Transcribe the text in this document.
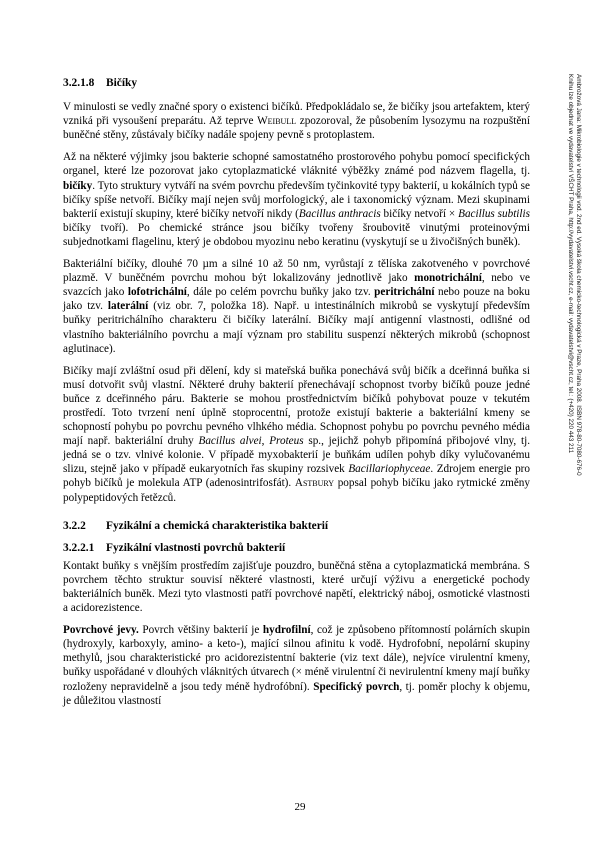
3.2.1.8 Bičíky

V minulosti se vedly značné spory o existenci bičíků. Předpokládalo se, že bičíky jsou artefaktem, který vzniká při vysoušení preparátu. Až teprve Weibull zpozoroval, že působením lysozymu na rozpuštění buněčné stěny, zůstávaly bičíky nadále spojeny pevně s protoplastem.

Až na některé výjimky jsou bakterie schopné samostatného prostorového pohybu pomocí specifických organel, které lze pozorovat jako cytoplazmatické vláknité výběžky známé pod názvem flagella, tj. bičíky. Tyto struktury vytváří na svém povrchu především tyčinkovité typy bakterií, u kokálních typů se bičíky spíše netvoří. Bičíky mají nejen svůj morfologický, ale i taxonomický význam. Mezi skupinami bakterií existují skupiny, které bičíky netvoří nikdy (Bacillus anthracis bičíky netvoří × Bacillus subtilis bičíky tvoří). Po chemické stránce jsou bičíky tvořeny šroubovitě vinutými proteinovými subjednotkami flagelinu, který je obdobou myozinu nebo keratinu (vyskytují se u živočišných buněk).

Bakteriální bičíky, dlouhé 70 µm a silné 10 až 50 nm, vyrůstají z tělíska zakotveného v povrchové plazmě. V buněčném povrchu mohou být lokalizovány jednotlivě jako monotrichální, nebo ve svazcích jako lofotrichální, dále po celém povrchu buňky jako tzv. peritrichální nebo pouze na boku jako tzv. laterální (viz obr. 7, položka 18). Např. u intestinálních mikrobů se vyskytují především buňky peritrichálního charakteru či bičíky laterální. Bičíky mají antigenní vlastnosti, odlišné od vlastního bakteriálního povrchu a mají význam pro stabilitu suspenzí některých mikrobů (schopnost aglutinace).

Bičíky mají zvláštní osud při dělení, kdy si mateřská buňka ponechává svůj bičík a dceřinná buňka si musí dotvořit svůj vlastní. Některé druhy bakterií přenechávají schopnost tvorby bičíků pouze jedné buňce z dceřinného páru. Bakterie se mohou prostřednictvím bičíků pohybovat pouze v tekutém prostředí. Toto tvrzení není úplně stoprocentní, protože existují bakterie a bakteriální kmeny se schopností pohybu po povrchu pevného vlhkého média. Schopnost pohybu po povrchu pevného média mají např. bakteriální druhy Bacillus alvei, Proteus sp., jejichž pohyb připomíná přibojové vlny, tj. jedná se o tzv. vlnivé kolonie. V případě myxobakterií je buňkám udílen pohyb díky vylučovanému slizu, stejně jako v případě eukaryotních řas skupiny rozsivek Bacillariophyceae. Zdrojem energie pro pohyb bičíků je molekula ATP (adenosintrifosfát). Astbury popsal pohyb bičíku jako rytmické změny polypeptidových řetězců.

3.2.2 Fyzikální a chemická charakteristika bakterií
3.2.2.1 Fyzikální vlastnosti povrchů bakterií

Kontakt buňky s vnějším prostředím zajišťuje pouzdro, buněčná stěna a cytoplazmatická membrána. S povrchem těchto struktur souvisí některé vlastnosti, které určují výživu a energetické pochody bakteriálních buněk. Mezi tyto vlastnosti patří povrchové napětí, elektrický náboj, osmotické vlastnosti a acidorezistence.

Povrchové jevy. Povrch většiny bakterií je hydrofilní, což je způsobeno přítomností polárních skupin (hydroxyly, karboxyly, amino- a keto-), mající silnou afinitu k vodě. Hydrofobní, nepolární skupiny methylů, jsou charakteristické pro acidorezistentní bakterie (viz text dále), nejvíce virulentní kmeny, buňky uspořádané v dlouhých vláknitých útvarech (× méně virulentní či nevirulentní kmeny mají buňky rozloženy nepravidelně a jsou tedy méně hydrofóbní). Specifický povrch, tj. poměr plochy k objemu, je důležitou vlastností

29
Ambrožová Jana: Mikrobiologie v technologii vod. 2nd ed. Vysoká škola chemicko-technologická v Praze, Praha 2008. ISBN 978-80-7080-676-0
Knihu lze objednat ve vydavatelství VŠCHT Praha, http://vydavatelstvi.vscht.cz, e-mail: vydavatelstvi@vscht.cz, tel.: (+420) 220 443 211
